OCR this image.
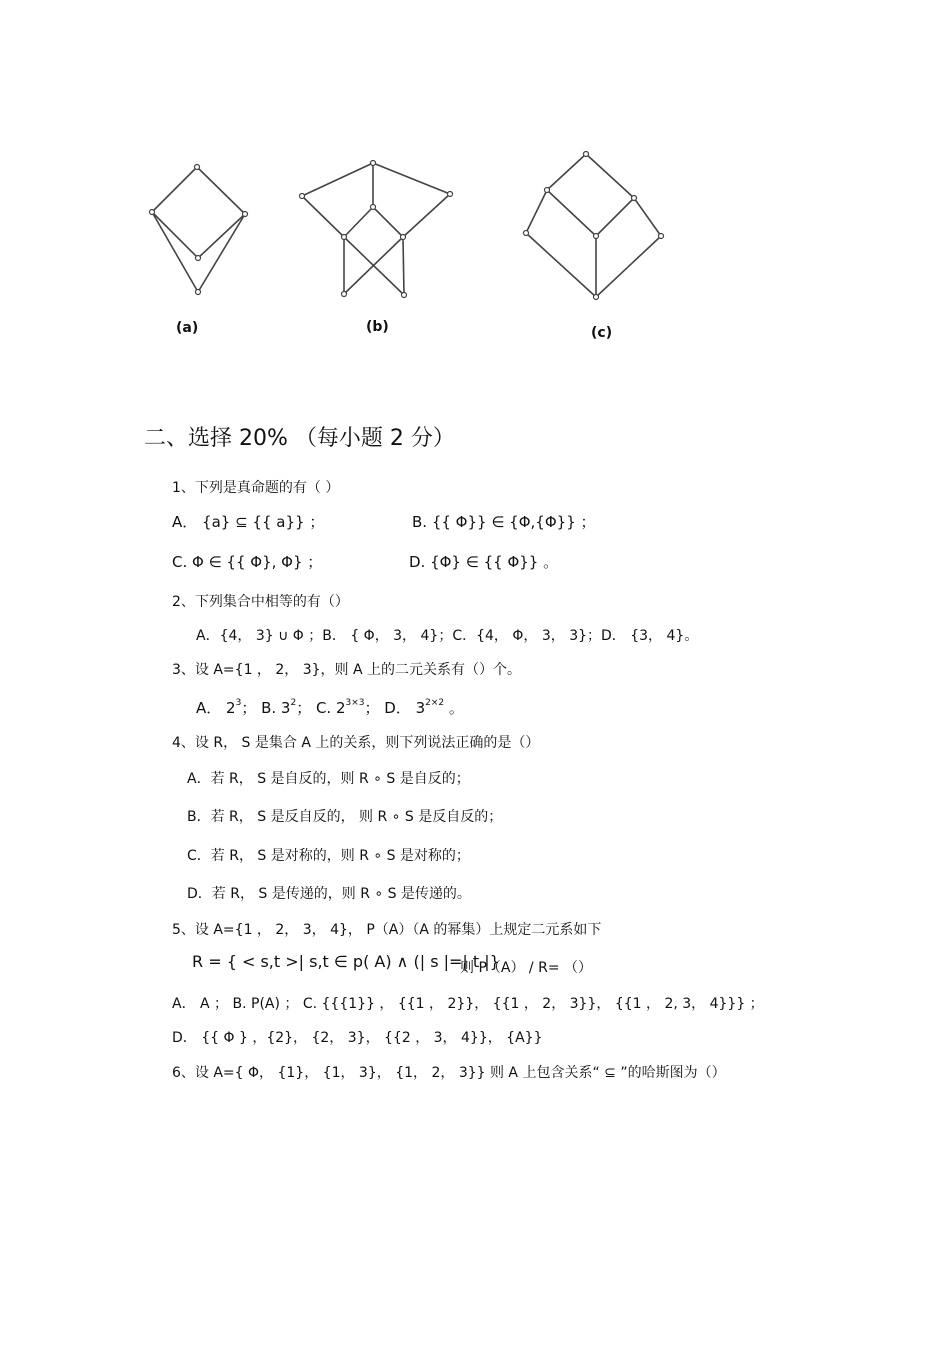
(a)	(b)	(c)
二、选择 20% （每小题 2 分）
1、下列是真命题的有（ ）
A． {a} ⊆ {{ a}} ；	B. {{ Φ}} ∈ {Φ,{Φ}} ；
C. Φ ∈ {{ Φ}, Φ} ；	D. {Φ} ∈ {{ Φ}} 。
2、下列集合中相等的有（）
A．{4， 3} ∪ Φ ；B． { Φ， 3， 4}；C．{4， Φ， 3， 3}；D． {3， 4}。
3、设 A={1 ， 2， 3}，则 A 上的二元关系有（）个。
A． $2^3$； B. $3^2$； C. $2^{3\times 3}$； D． $3^{2\times 2}$ 。
4、设 R， S 是集合 A 上的关系，则下列说法正确的是（）
A．若 R， S 是自反的，则 R ∘ S 是自反的；
B．若 R， S 是反自反的， 则 R ∘ S 是反自反的；
C．若 R， S 是对称的，则 R ∘ S 是对称的；
D．若 R， S 是传递的，则 R ∘ S 是传递的。
5、设 A={1 ， 2， 3， 4}， P（A）（A 的幂集）上规定二元系如下
R = { < s,t >| s,t ∈ p( A) ∧ (| s |=| t |}
则 P（A） / R= （）
A． A ； B. P(A) ； C. {{{1}} ， {{1 ， 2}}， {{1 ， 2， 3}}， {{1 ， 2, 3， 4}}} ；
D． {{ Φ } ，{2}， {2， 3}， {{2 ， 3， 4}}， {A}}
6、设 A={ Φ， {1}， {1， 3}， {1， 2， 3}} 则 A 上包含关系“ ⊆ ”的哈斯图为（）
